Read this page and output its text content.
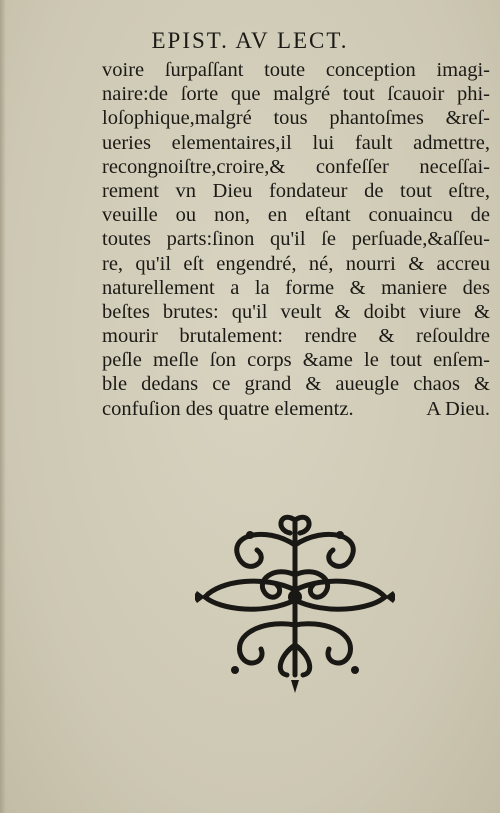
EPIST. AV LECT.
voire ſurpaſſant toute conception imagi-
naire:de ſorte que malgré tout ſcauoir phi-
loſophique,malgré tous phantoſmes &reſ-
ueries elementaires,il lui fault admettre,
recongnoiſtre,croire,& confeſſer neceſſai-
rement vn Dieu fondateur de tout eſtre,
veuille ou non, en eſtant conuaincu de
toutes parts:ſinon qu'il ſe perſuade,&aſſeu-
re, qu'il eſt engendré, né, nourri & accreu
naturellement a la forme & maniere des
beſtes brutes: qu'il veult & doibt viure &
mourir brutalement: rendre & reſouldre
peſle meſle ſon corps &ame le tout enſem-
ble dedans ce grand & aueugle chaos &
confuſion des quatre elementz.	A Dieu.
